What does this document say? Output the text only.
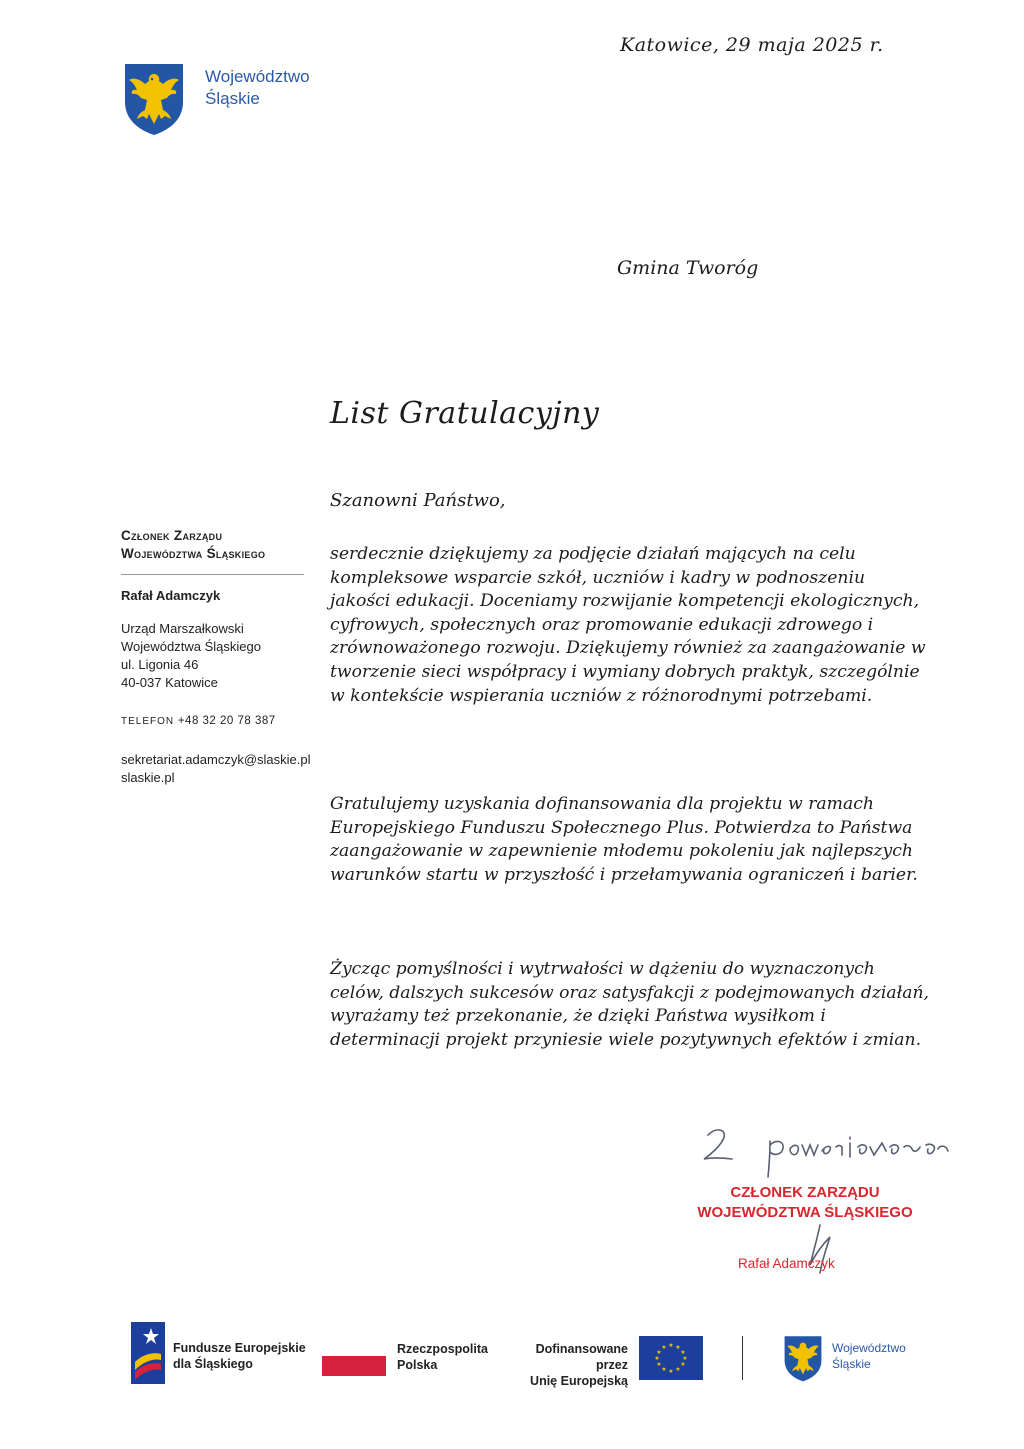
Województwo
Śląskie
Katowice, 29 maja 2025 r.
Gmina Tworóg
List Gratulacyjny
Szanowni Państwo,
serdecznie dziękujemy za podjęcie działań mających na celu kompleksowe wsparcie szkół, uczniów i kadry w podnoszeniu jakości edukacji. Doceniamy rozwijanie kompetencji ekologicznych, cyfrowych, społecznych oraz promowanie edukacji zdrowego i zrównoważonego rozwoju. Dziękujemy również za zaangażowanie w tworzenie sieci współpracy i wymiany dobrych praktyk, szczególnie w kontekście wspierania uczniów z różnorodnymi potrzebami.
Gratulujemy uzyskania dofinansowania dla projektu w ramach Europejskiego Funduszu Społecznego Plus. Potwierdza to Państwa zaangażowanie w zapewnienie młodemu pokoleniu jak najlepszych warunków startu w przyszłość i przełamywania ograniczeń i barier.
Życząc pomyślności i wytrwałości w dążeniu do wyznaczonych celów, dalszych sukcesów oraz satysfakcji z podejmowanych działań, wyrażamy też przekonanie, że dzięki Państwa wysiłkom i determinacji projekt przyniesie wiele pozytywnych efektów i zmian.
Członek Zarządu
Województwa Śląskiego
Rafał Adamczyk
Urząd Marszałkowski
Województwa Śląskiego
ul. Ligonia 46
40-037 Katowice
TELEFON +48 32 20 78 387
sekretariat.adamczyk@slaskie.pl
slaskie.pl
CZŁONEK ZARZĄDU
WOJEWÓDZTWA ŚLĄSKIEGO
Rafał Adamczyk
Fundusze Europejskie
dla Śląskiego
Rzeczpospolita
Polska
Dofinansowane przez
Unię Europejską
★ ★
★
★
★
★
★
★
★
★
★
★	Województwo
Śląskie
